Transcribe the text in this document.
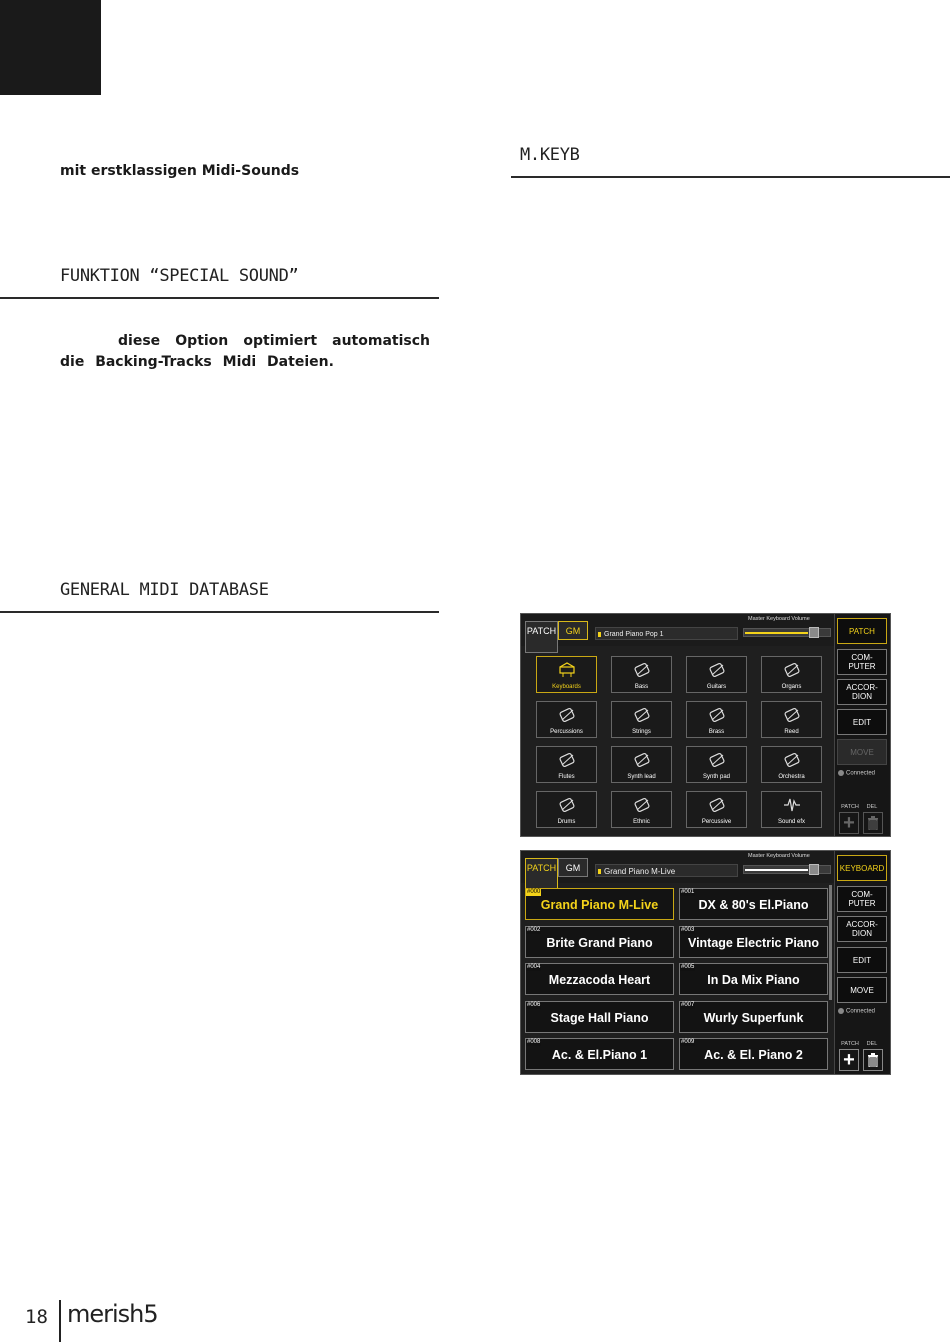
mit erstklassigen Midi-Sounds
FUNKTION “SPECIAL SOUND”
diese Option optimiert automatisch die Backing-Tracks Midi Dateien.
GENERAL MIDI DATABASE
M.KEYB
PATCH	GM	Grand Piano Pop 1
Master Keyboard Volume
Keyboards	Bass	Guitars	Organs
Percussions	Strings	Brass	Reed
Flutes	Synth lead	Synth pad	Orchestra
Drums	Ethnic	Percussive	Sound efx
PATCH
COM-
PUTER
ACCOR-
DION
EDIT
MOVE
Connected
PATCH DEL
+
PATCH	GM	Grand Piano M-Live
Master Keyboard Volume
#000
Grand Piano M-Live
#001
DX & 80's El.Piano
#002
Brite Grand Piano
#003
Vintage Electric Piano
#004
Mezzacoda Heart
#005
In Da Mix Piano
#006
Stage Hall Piano
#007
Wurly Superfunk
#008
Ac. & El.Piano 1
#009
Ac. & El. Piano 2
KEYBOARD
COM-
PUTER
ACCOR-
DION
EDIT
MOVE
Connected
PATCH DEL
+
18 merish5
